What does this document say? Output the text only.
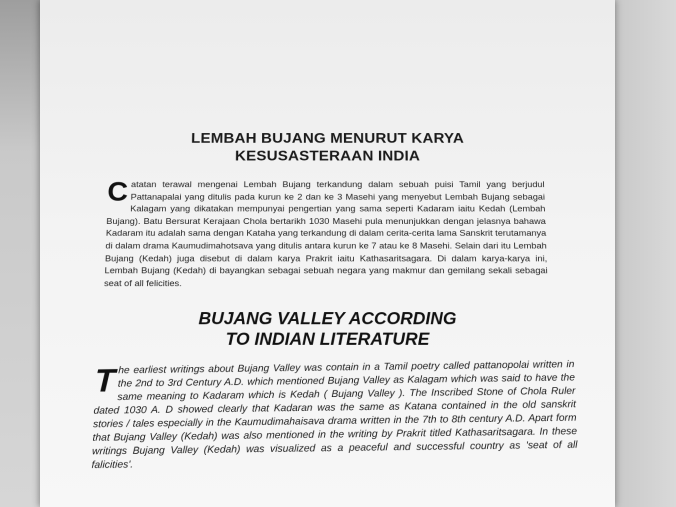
LEMBAH BUJANG MENURUT KARYA
KESUSASTERAAN INDIA
C atatan terawal mengenai Lembah Bujang terkandung dalam sebuah puisi Tamil yang berjudul Pattanapalai yang ditulis pada kurun ke 2 dan ke 3 Masehi yang menyebut Lembah Bujang sebagai Kalagam yang dikatakan mempunyai pengertian yang sama seperti Kadaram iaitu Kedah (Lembah Bujang). Batu Bersurat Kerajaan Chola bertarikh 1030 Masehi pula menunjukkan dengan jelasnya bahawa Kadaram itu adalah sama dengan Kataha yang terkandung di dalam cerita-cerita lama Sanskrit terutamanya di dalam drama Kaumudimahotsava yang ditulis antara kurun ke 7 atau ke 8 Masehi. Selain dari itu Lembah Bujang (Kedah) juga disebut di dalam karya Prakrit iaitu Kathasaritsagara. Di dalam karya-karya ini, Lembah Bujang (Kedah) di bayangkan sebagai sebuah negara yang makmur dan gemilang sekali sebagai seat of all felicities.
BUJANG VALLEY ACCORDING
TO INDIAN LITERATURE
T he earliest writings about Bujang Valley was contain in a Tamil poetry called pattanopolai written in the 2nd to 3rd Century A.D. which mentioned Bujang Valley as Kalagam which was said to have the same meaning to Kadaram which is Kedah ( Bujang Valley ). The Inscribed Stone of Chola Ruler dated 1030 A. D showed clearly that Kadaran was the same as Katana contained in the old sanskrit stories / tales especially in the Kaumudimahaisava drama written in the 7th to 8th century A.D. Apart form that Bujang Valley (Kedah) was also mentioned in the writing by Prakrit titled Kathasaritsagara. In these writings Bujang Valley (Kedah) was visualized as a peaceful and successful country as 'seat of all falicities'.
